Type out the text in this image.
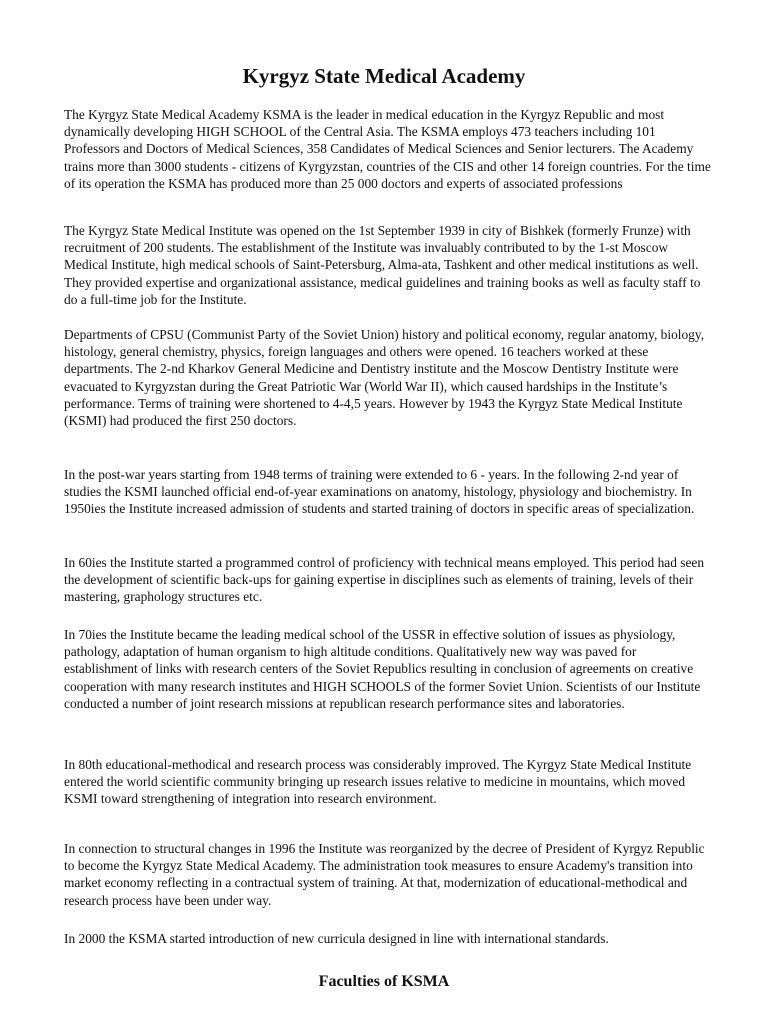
Kyrgyz State Medical Academy

The Kyrgyz State Medical Academy KSMA is the leader in medical education in the Kyrgyz Republic and most dynamically developing HIGH SCHOOL of the Central Asia. The KSMA employs 473 teachers including 101 Professors and Doctors of Medical Sciences, 358 Candidates of Medical Sciences and Senior lecturers. The Academy trains more than 3000 students - citizens of Kyrgyzstan, countries of the CIS and other 14 foreign countries. For the time of its operation the KSMA has produced more than 25 000 doctors and experts of associated professions

The Kyrgyz State Medical Institute was opened on the 1st September 1939 in city of Bishkek (formerly Frunze) with recruitment of 200 students. The establishment of the Institute was invaluably contributed to by the 1-st Moscow Medical Institute, high medical schools of Saint-Petersburg, Alma-ata, Tashkent and other medical institutions as well. They provided expertise and organizational assistance, medical guidelines and training books as well as faculty staff to do a full-time job for the Institute.

Departments of CPSU (Communist Party of the Soviet Union) history and political economy, regular anatomy, biology, histology, general chemistry, physics, foreign languages and others were opened. 16 teachers worked at these departments. The 2-nd Kharkov General Medicine and Dentistry institute and the Moscow Dentistry Institute were evacuated to Kyrgyzstan during the Great Patriotic War (World War II), which caused hardships in the Institute’s performance. Terms of training were shortened to 4-4,5 years. However by 1943 the Kyrgyz State Medical Institute (KSMI) had produced the first 250 doctors.

In the post-war years starting from 1948 terms of training were extended to 6 - years. In the following 2-nd year of studies the KSMI launched official end-of-year examinations on anatomy, histology, physiology and biochemistry. In 1950ies the Institute increased admission of students and started training of doctors in specific areas of specialization.

In 60ies the Institute started a programmed control of proficiency with technical means employed. This period had seen the development of scientific back-ups for gaining expertise in disciplines such as elements of training, levels of their mastering, graphology structures etc.

In 70ies the Institute became the leading medical school of the USSR in effective solution of issues as physiology, pathology, adaptation of human organism to high altitude conditions. Qualitatively new way was paved for establishment of links with research centers of the Soviet Republics resulting in conclusion of agreements on creative cooperation with many research institutes and HIGH SCHOOLS of the former Soviet Union. Scientists of our Institute conducted a number of joint research missions at republican research performance sites and laboratories.

In 80th educational-methodical and research process was considerably improved. The Kyrgyz State Medical Institute entered the world scientific community bringing up research issues relative to medicine in mountains, which moved KSMI toward strengthening of integration into research environment.

In connection to structural changes in 1996 the Institute was reorganized by the decree of President of Kyrgyz Republic to become the Kyrgyz State Medical Academy. The administration took measures to ensure Academy's transition into market economy reflecting in a contractual system of training. At that, modernization of educational-methodical and research process have been under way.

In 2000 the KSMA started introduction of new curricula designed in line with international standards.

Faculties of KSMA
